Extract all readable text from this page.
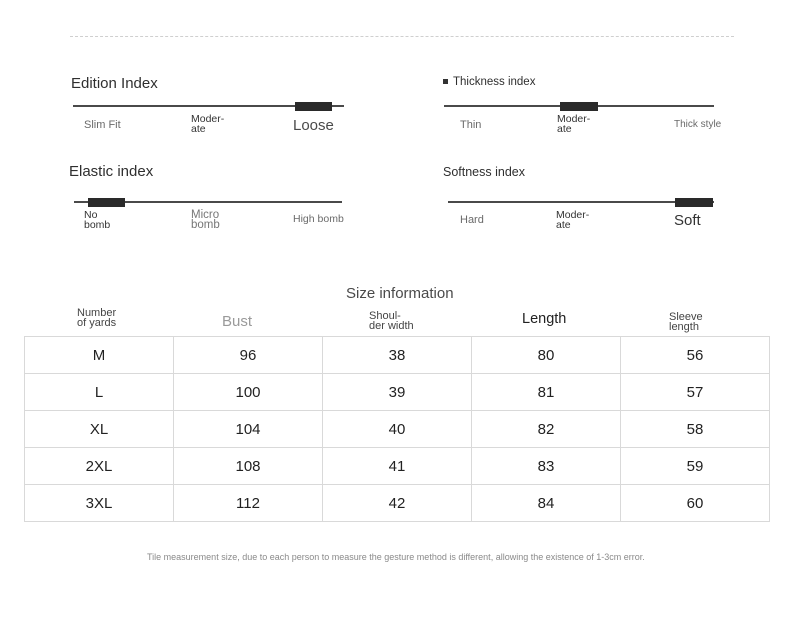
Edition Index
Slim Fit	Moder-
ate	Loose
Thickness index
Thin	Moder-
ate	Thick style
Elastic index
No
bomb
Micro
bomb	High bomb
Softness index
Hard	Moder-
ate	Soft
Size information
Number
of yards	Bust	Shoul-
der width	Length	Sleeve
length
M	96	38	80	56
L	100	39	81	57
XL	104	40	82	58
2XL	108	41	83	59
3XL	112	42	84	60
Tile measurement size, due to each person to measure the gesture method is different, allowing the existence of 1-3cm error.
